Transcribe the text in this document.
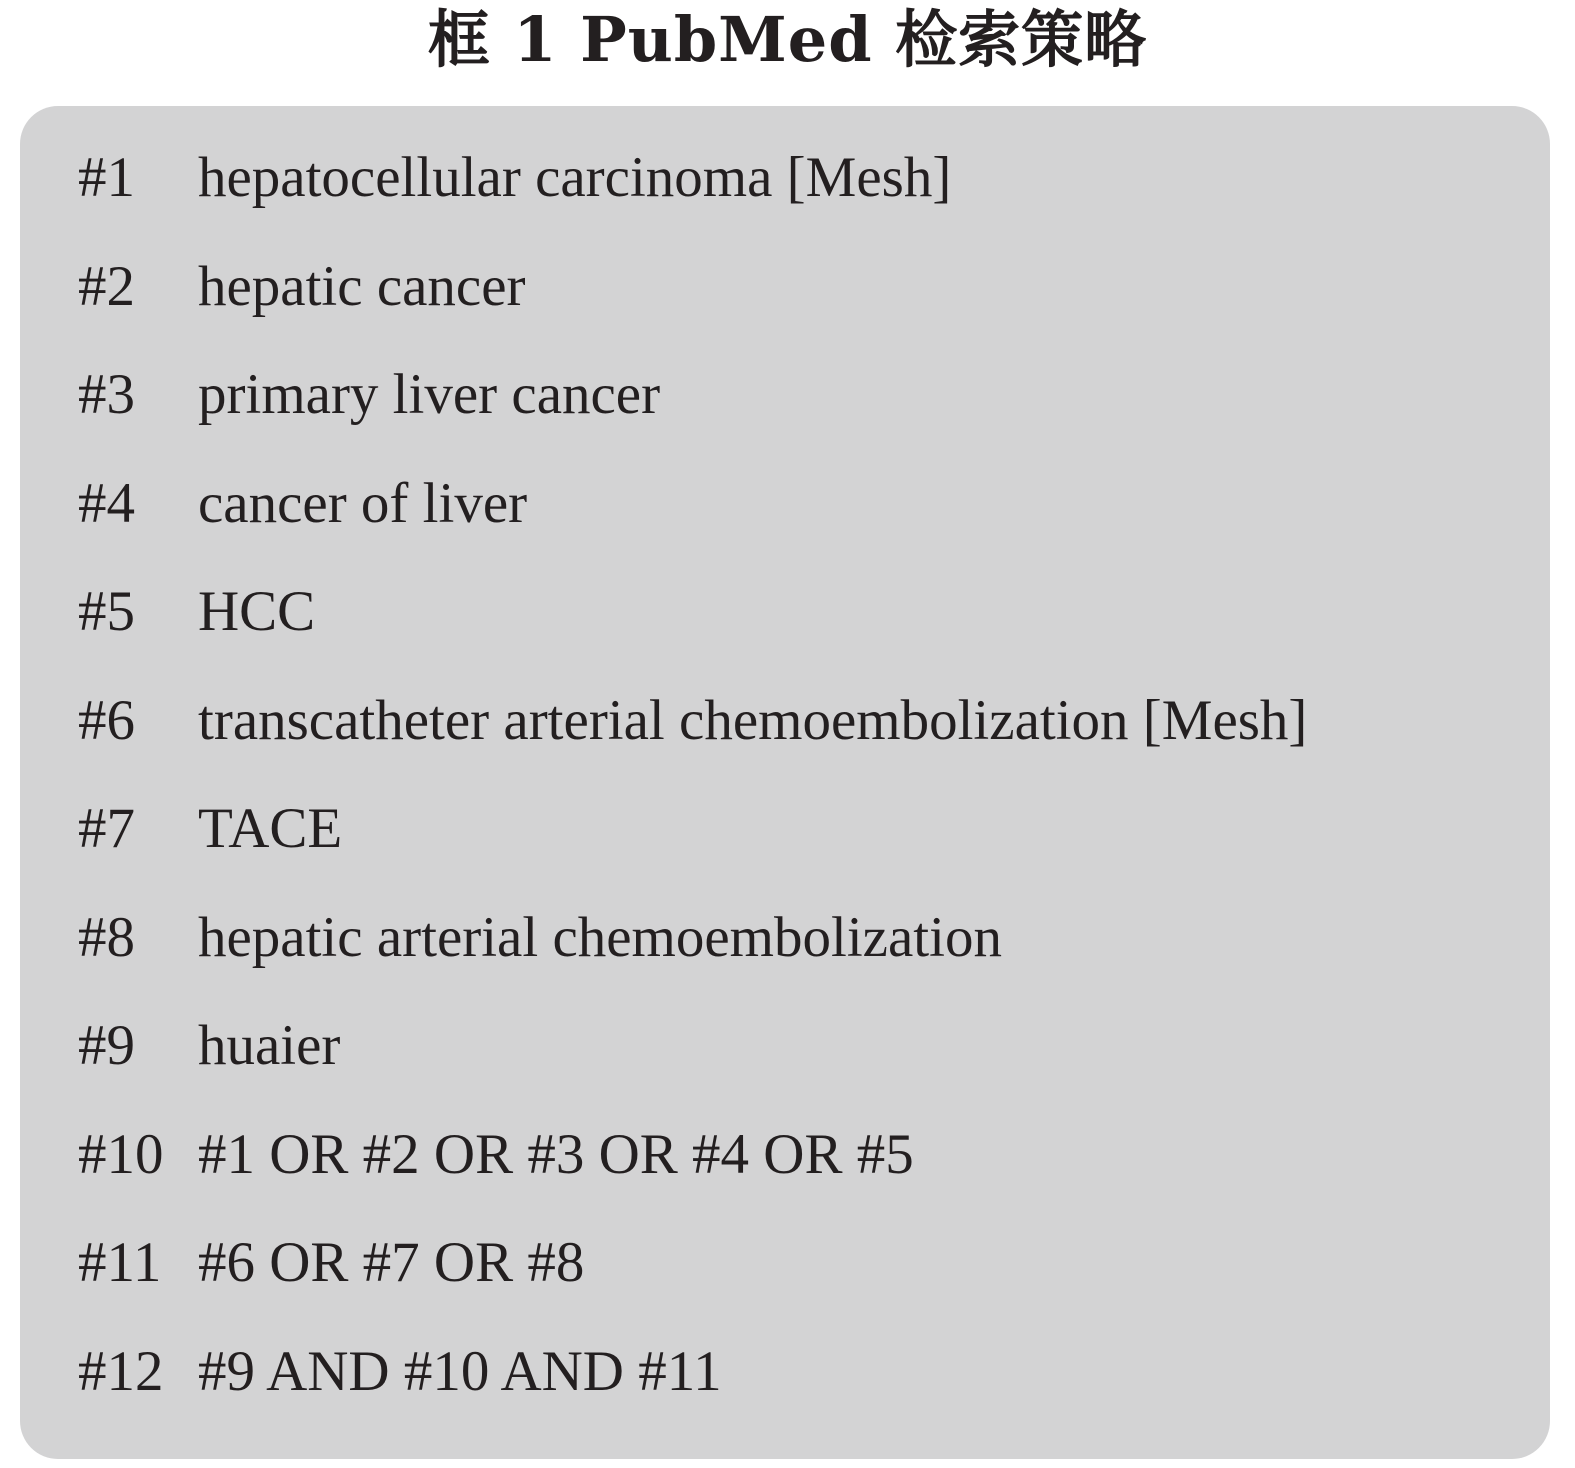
框 1 PubMed 检索策略
#1	hepatocellular carcinoma [Mesh]
#2	hepatic cancer
#3	primary liver cancer
#4	cancer of liver
#5	HCC
#6	transcatheter arterial chemoembolization [Mesh]
#7	TACE
#8	hepatic arterial chemoembolization
#9	huaier
#10 #1 OR #2 OR #3 OR #4 OR #5
#11 #6 OR #7 OR #8
#12 #9 AND #10 AND #11
